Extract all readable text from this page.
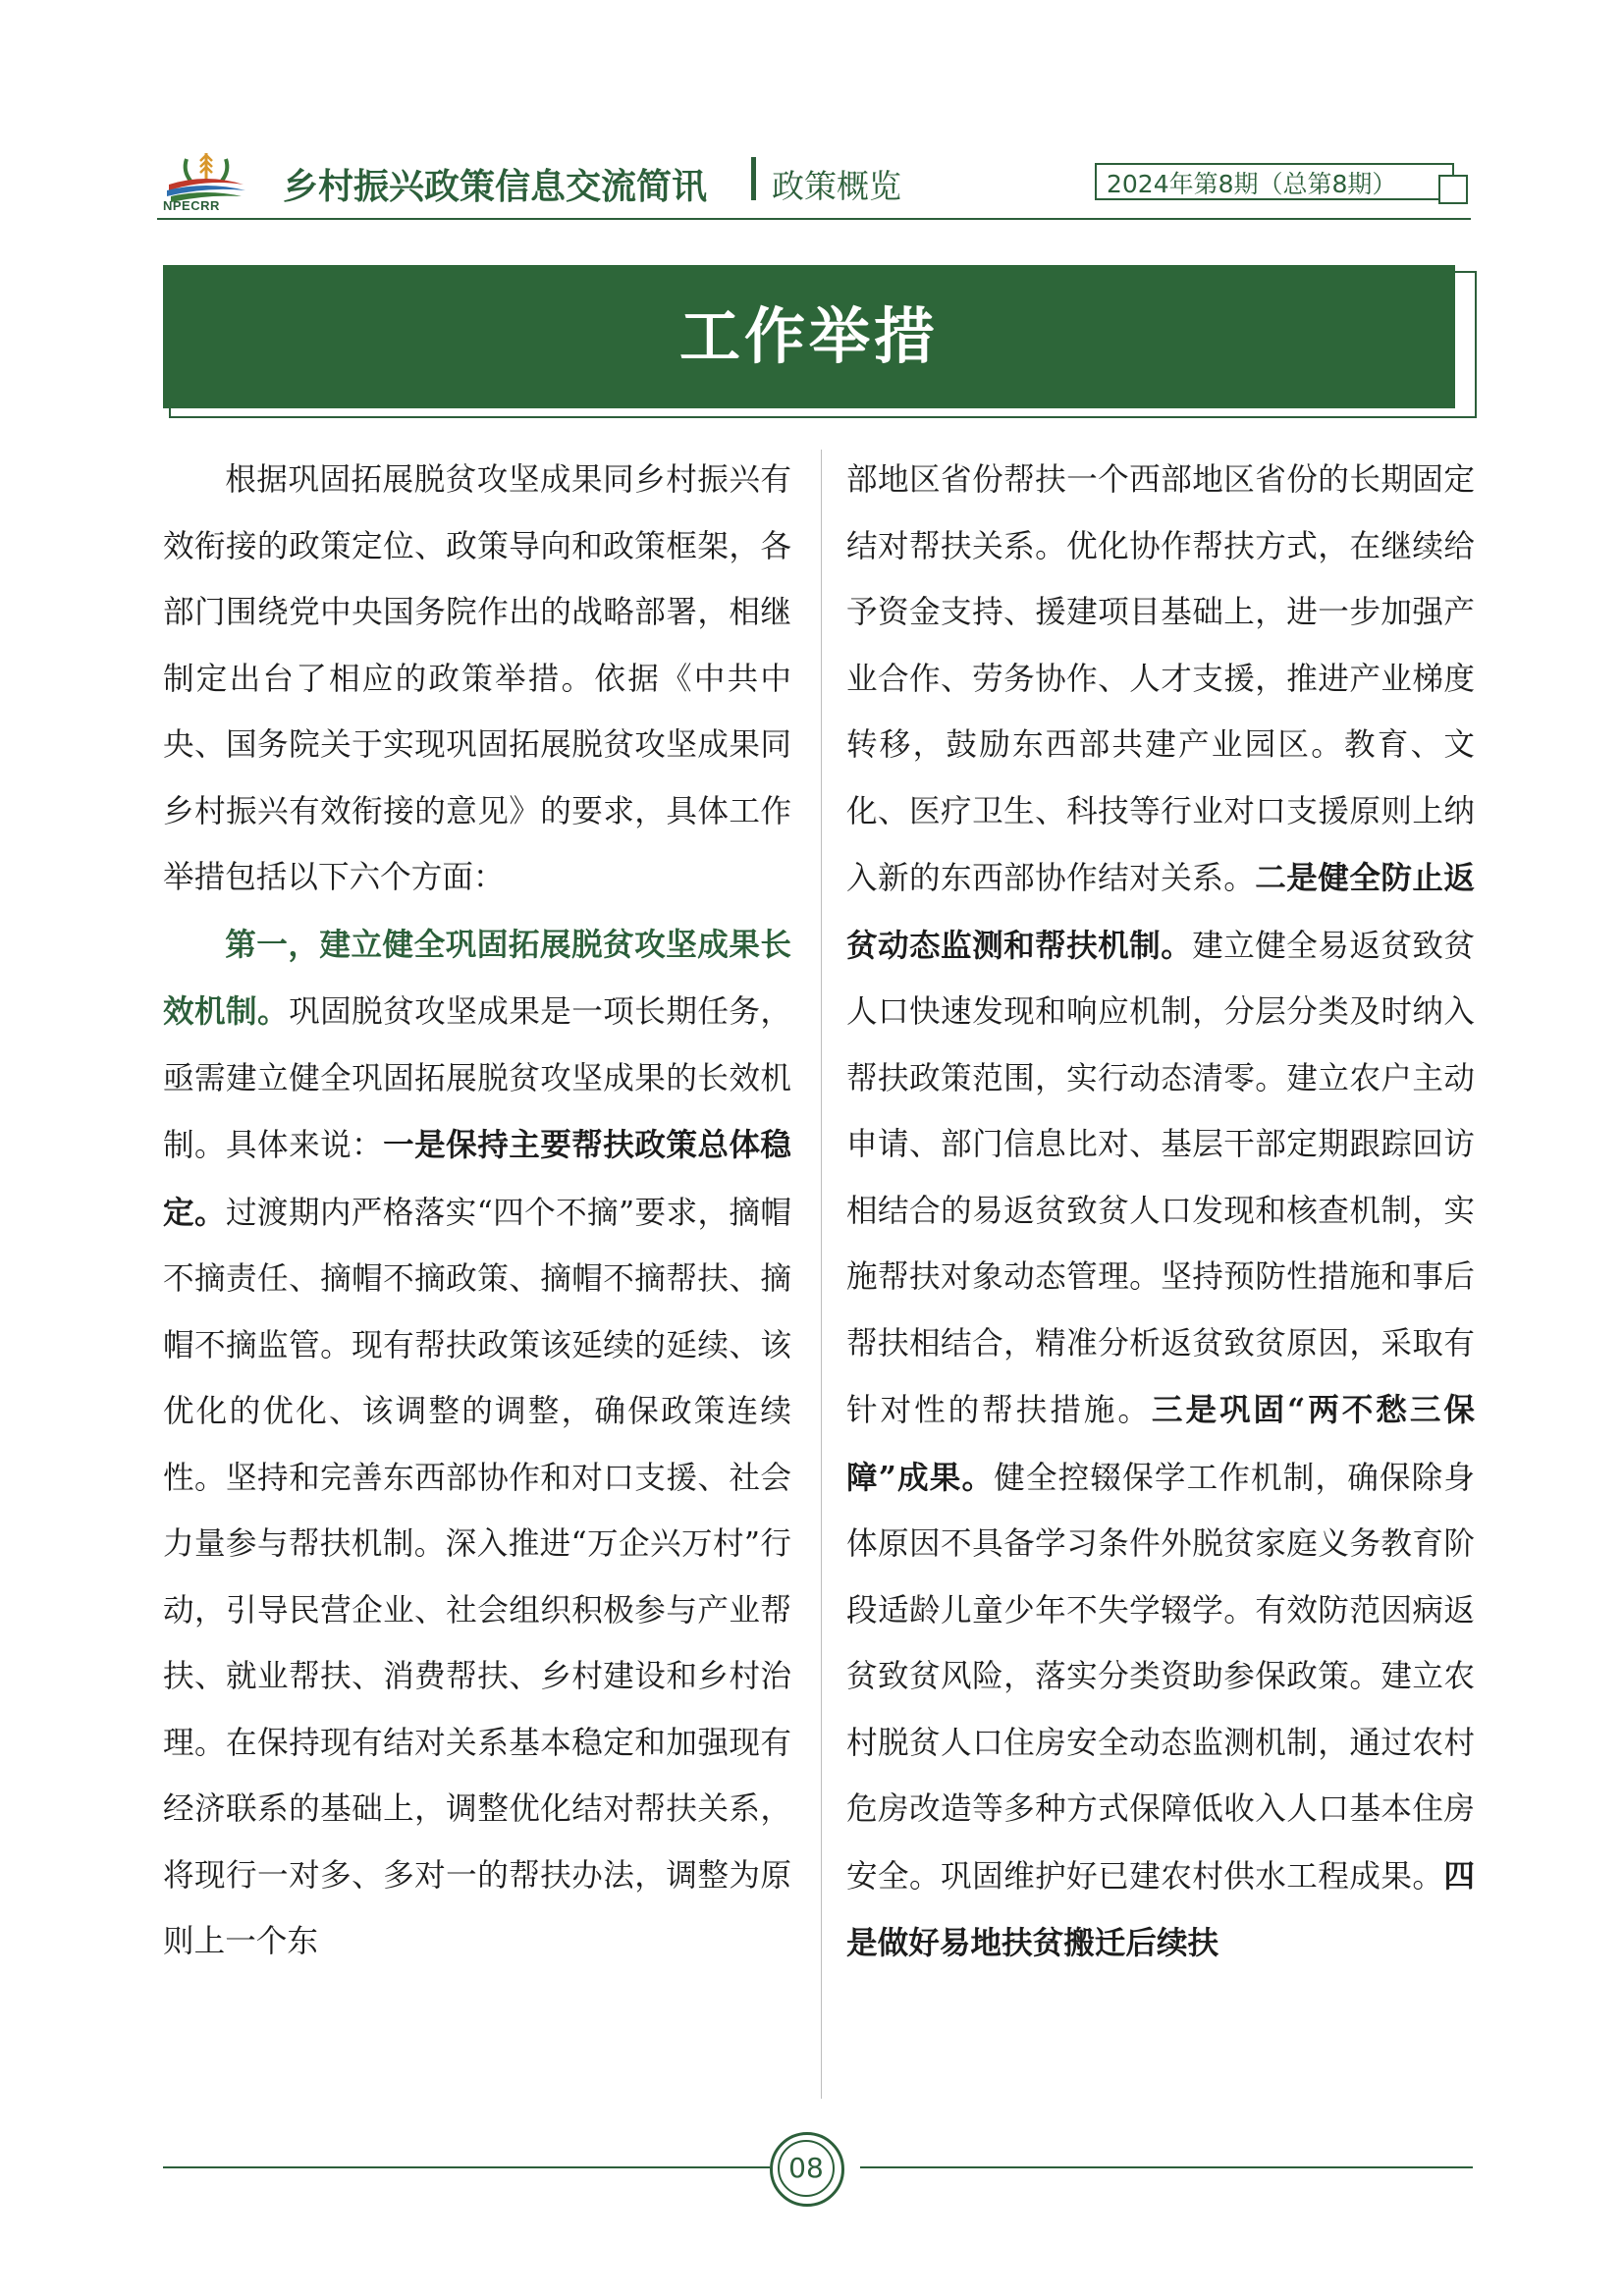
NPECRR 乡村振兴政策信息交流简讯 政策概览	2024年第8期（总第8期）
工作举措

根据巩固拓展脱贫攻坚成果同乡村振兴有效衔接的政策定位、政策导向和政策框架，各部门围绕党中央国务院作出的战略部署，相继制定出台了相应的政策举措。依据《中共中央、国务院关于实现巩固拓展脱贫攻坚成果同乡村振兴有效衔接的意见》的要求，具体工作举措包括以下六个方面：

第一，建立健全巩固拓展脱贫攻坚成果长效机制。巩固脱贫攻坚成果是一项长期任务，亟需建立健全巩固拓展脱贫攻坚成果的长效机制。具体来说：一是保持主要帮扶政策总体稳定。过渡期内严格落实“四个不摘”要求，摘帽不摘责任、摘帽不摘政策、摘帽不摘帮扶、摘帽不摘监管。现有帮扶政策该延续的延续、该优化的优化、该调整的调整，确保政策连续性。坚持和完善东西部协作和对口支援、社会力量参与帮扶机制。深入推进“万企兴万村”行动，引导民营企业、社会组织积极参与产业帮扶、就业帮扶、消费帮扶、乡村建设和乡村治理。在保持现有结对关系基本稳定和加强现有经济联系的基础上，调整优化结对帮扶关系，将现行一对多、多对一的帮扶办法，调整为原则上一个东

部地区省份帮扶一个西部地区省份的长期固定结对帮扶关系。优化协作帮扶方式，在继续给予资金支持、援建项目基础上，进一步加强产业合作、劳务协作、人才支援，推进产业梯度转移，鼓励东西部共建产业园区。教育、文化、医疗卫生、科技等行业对口支援原则上纳入新的东西部协作结对关系。二是健全防止返贫动态监测和帮扶机制。建立健全易返贫致贫人口快速发现和响应机制，分层分类及时纳入帮扶政策范围，实行动态清零。建立农户主动申请、部门信息比对、基层干部定期跟踪回访相结合的易返贫致贫人口发现和核查机制，实施帮扶对象动态管理。坚持预防性措施和事后帮扶相结合，精准分析返贫致贫原因，采取有针对性的帮扶措施。三是巩固“两不愁三保障”成果。健全控辍保学工作机制，确保除身体原因不具备学习条件外脱贫家庭义务教育阶段适龄儿童少年不失学辍学。有效防范因病返贫致贫风险，落实分类资助参保政策。建立农村脱贫人口住房安全动态监测机制，通过农村危房改造等多种方式保障低收入人口基本住房安全。巩固维护好已建农村供水工程成果。四是做好易地扶贫搬迁后续扶

08
